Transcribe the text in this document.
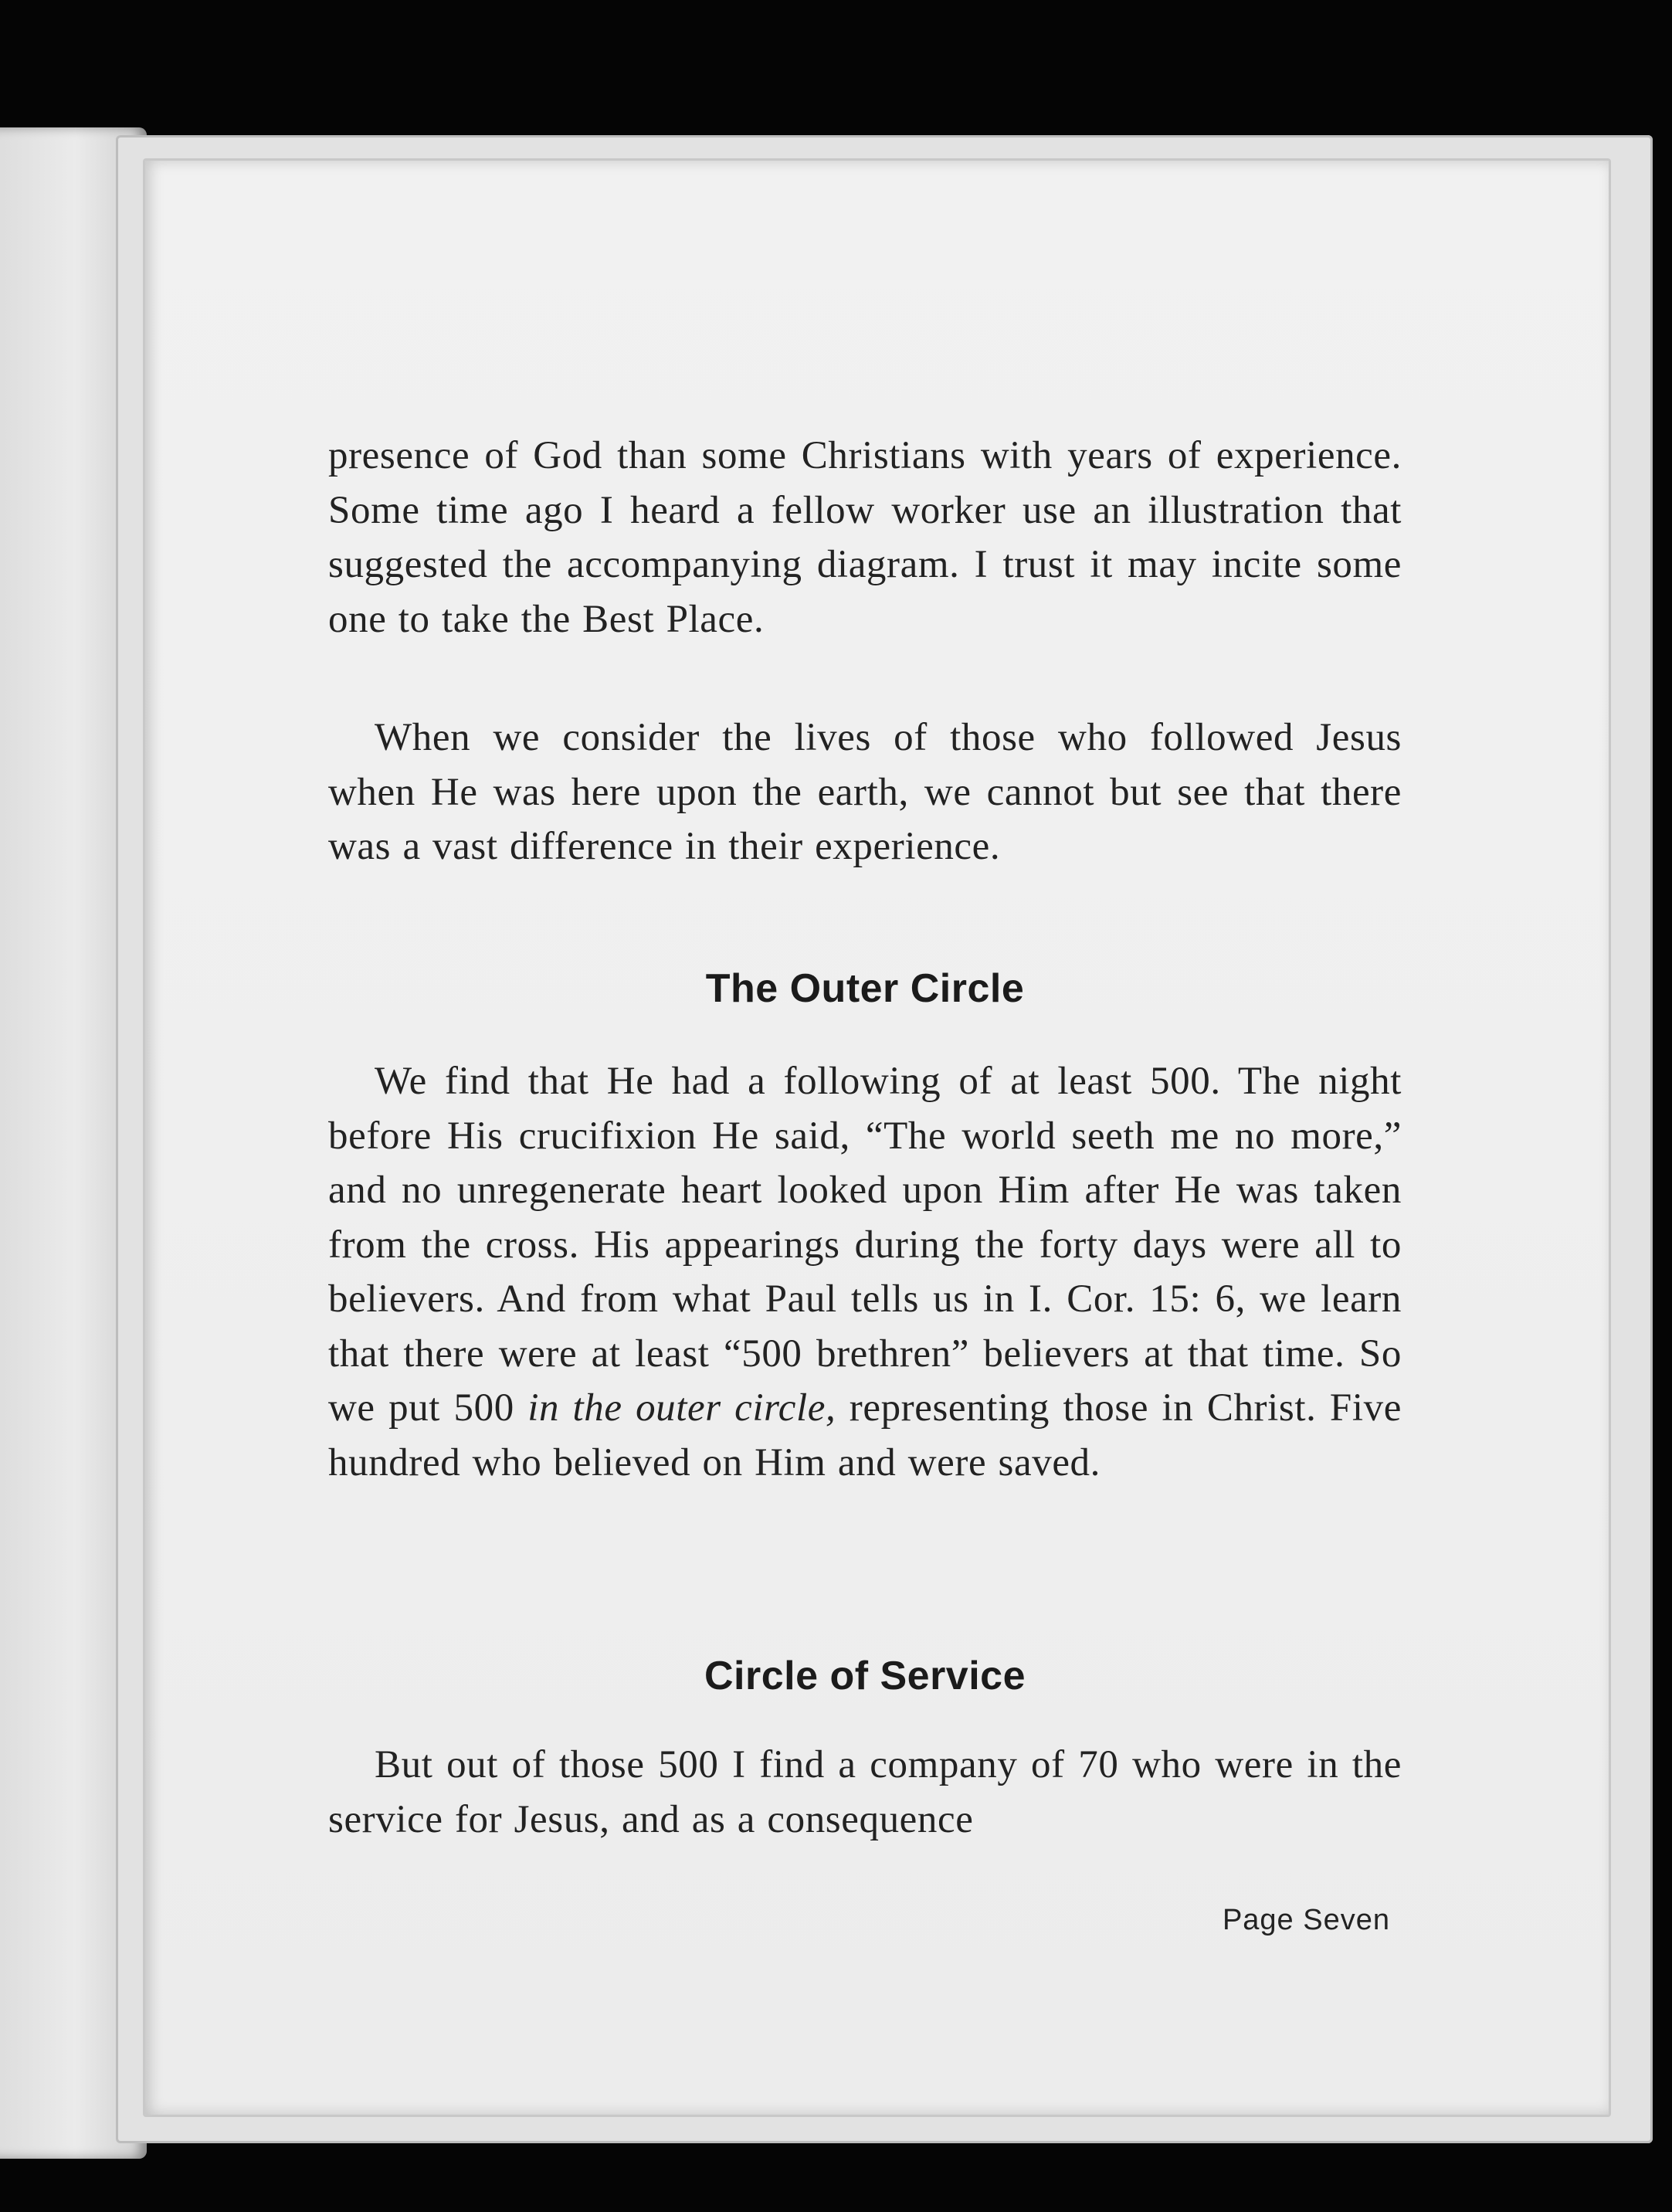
presence of God than some Christians with years of experience. Some time ago I heard a fellow worker use an illustration that suggested the accompanying diagram. I trust it may incite some one to take the Best Place.

When we consider the lives of those who followed Jesus when He was here upon the earth, we cannot but see that there was a vast difference in their experience.

The Outer Circle

We find that He had a following of at least 500. The night before His crucifixion He said, “The world seeth me no more,” and no unregenerate heart looked upon Him after He was taken from the cross. His appearings during the forty days were all to believers. And from what Paul tells us in I. Cor. 15: 6, we learn that there were at least “500 brethren” believers at that time. So we put 500 in the outer circle, representing those in Christ. Five hundred who believed on Him and were saved.

Circle of Service

But out of those 500 I find a company of 70 who were in the service for Jesus, and as a consequence

Page Seven
